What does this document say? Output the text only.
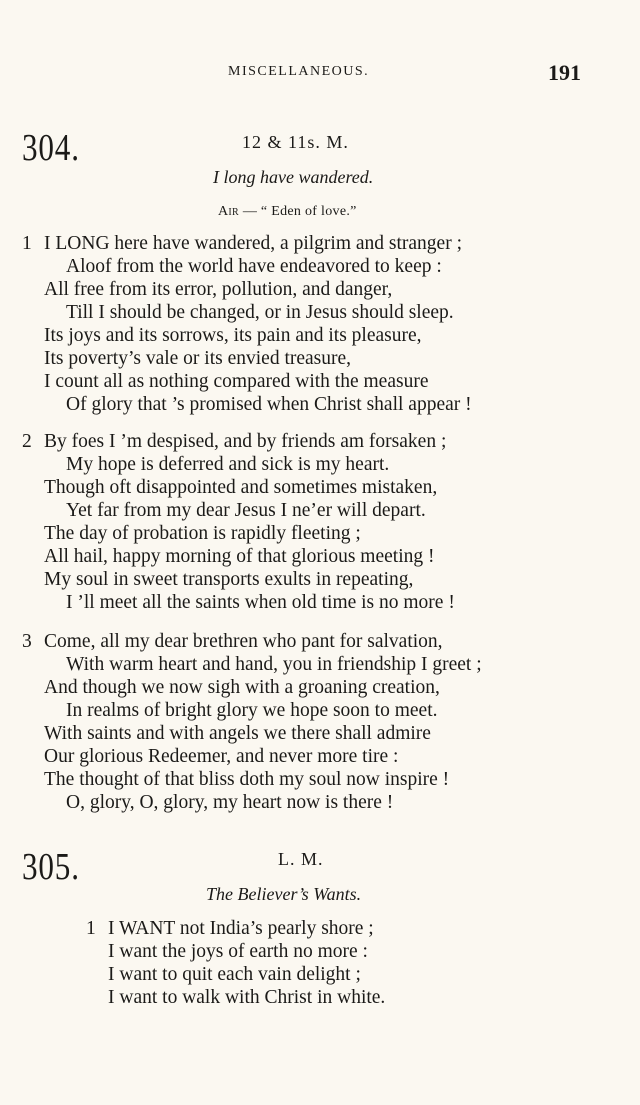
MISCELLANEOUS.	191
304.	12 & 11s. M.
I long have wandered.
Air — “ Eden of love.”
1 I LONG here have wandered, a pilgrim and stranger ;
Aloof from the world have endeavored to keep :
All free from its error, pollution, and danger,
Till I should be changed, or in Jesus should sleep.
Its joys and its sorrows, its pain and its pleasure,
Its poverty’s vale or its envied treasure,
I count all as nothing compared with the measure
Of glory that ’s promised when Christ shall appear !
2 By foes I ’m despised, and by friends am forsaken ;
My hope is deferred and sick is my heart.
Though oft disappointed and sometimes mistaken,
Yet far from my dear Jesus I ne’er will depart.
The day of probation is rapidly fleeting ;
All hail, happy morning of that glorious meeting !
My soul in sweet transports exults in repeating,
I ’ll meet all the saints when old time is no more !
3 Come, all my dear brethren who pant for salvation,
With warm heart and hand, you in friendship I greet ;
And though we now sigh with a groaning creation,
In realms of bright glory we hope soon to meet.
With saints and with angels we there shall admire
Our glorious Redeemer, and never more tire :
The thought of that bliss doth my soul now inspire !
O, glory, O, glory, my heart now is there !
305.	L. M.
The Believer’s Wants.
1 I WANT not India’s pearly shore ;
I want the joys of earth no more :
I want to quit each vain delight ;
I want to walk with Christ in white.
